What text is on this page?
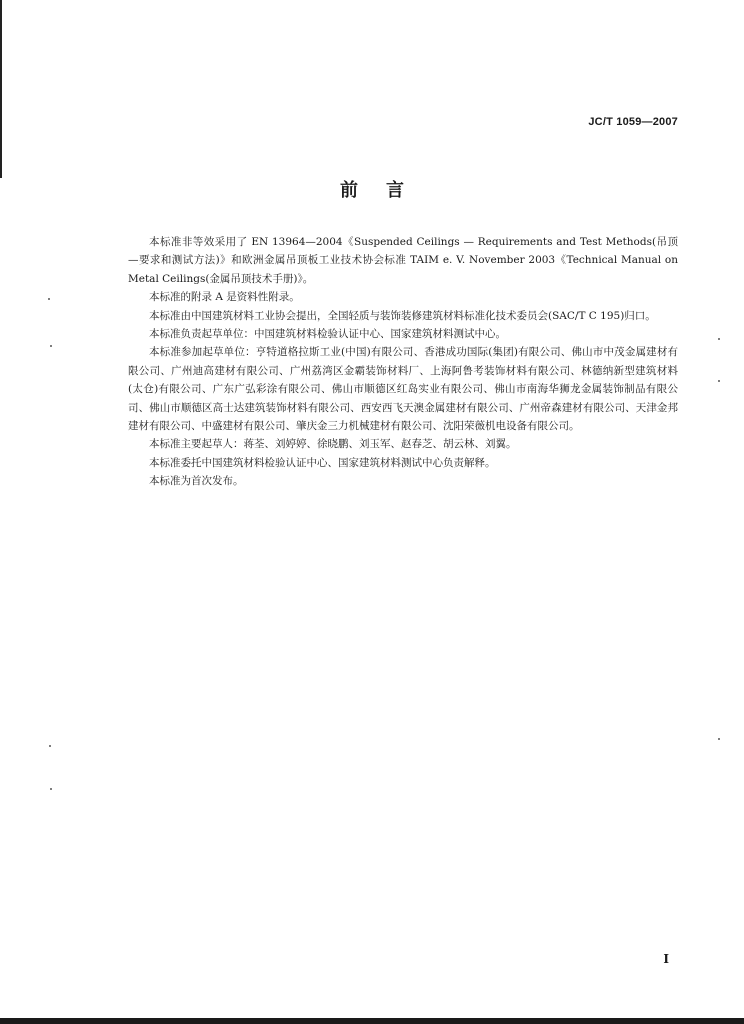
JC/T 1059—2007
前言

本标准非等效采用了 EN 13964—2004《Suspended Ceilings — Requirements and Test Methods(吊顶—要求和测试方法)》和欧洲金属吊顶板工业技术协会标准 TAIM e. V. November 2003《Technical Manual on Metal Ceilings(金属吊顶技术手册)》。

本标准的附录 A 是资料性附录。

本标准由中国建筑材料工业协会提出，全国轻质与装饰装修建筑材料标准化技术委员会(SAC/T C 195)归口。

本标准负责起草单位：中国建筑材料检验认证中心、国家建筑材料测试中心。

本标准参加起草单位：亨特道格拉斯工业(中国)有限公司、香港成功国际(集团)有限公司、佛山市中茂金属建材有限公司、广州迪高建材有限公司、广州荔湾区金霸装饰材料厂、上海阿鲁考装饰材料有限公司、林德纳新型建筑材料(太仓)有限公司、广东广弘彩涂有限公司、佛山市顺德区红岛实业有限公司、佛山市南海华狮龙金属装饰制品有限公司、佛山市顺德区高士达建筑装饰材料有限公司、西安西飞天澳金属建材有限公司、广州帝森建材有限公司、天津金邦建材有限公司、中盛建材有限公司、肇庆金三力机械建材有限公司、沈阳荣薇机电设备有限公司。

本标准主要起草人：蒋荃、刘婷婷、徐晓鹏、刘玉军、赵春芝、胡云林、刘翼。

本标准委托中国建筑材料检验认证中心、国家建筑材料测试中心负责解释。

本标准为首次发布。

I
